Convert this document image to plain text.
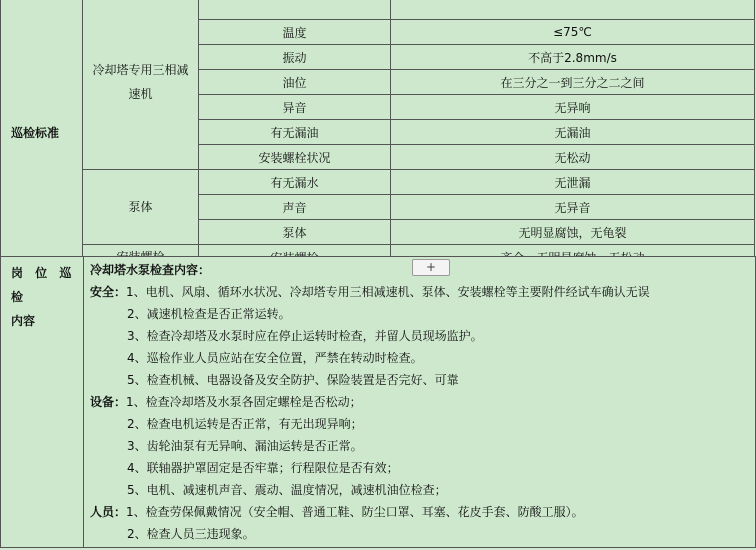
巡检标准	冷却塔专用三相减速机		
		温度	≤75℃
		振动	不高于2.8mm/s
		油位	在三分之一到三分之二之间
		异音	无异响
		有无漏油	无漏油
		安装螺栓状况	无松动
	泵体	有无漏水	无泄漏
		声音	无异音
		泵体	无明显腐蚀，无龟裂

岗 位 巡 检
内容
冷却塔水泵检查内容：	+
安全：1、电机、风扇、循环水状况、冷却塔专用三相减速机、泵体、安装螺栓等主要附件经试车确认无误
2、减速机检查是否正常运转。
3、检查冷却塔及水泵时应在停止运转时检查，并留人员现场监护。
4、巡检作业人员应站在安全位置，严禁在转动时检查。
5、检查机械、电器设备及安全防护、保险装置是否完好、可靠
设备：1、检查冷却塔及水泵各固定螺栓是否松动；
2、检查电机运转是否正常，有无出现异响；
3、齿轮油泵有无异响、漏油运转是否正常。
4、联轴器护罩固定是否牢靠；行程限位是否有效；
5、电机、减速机声音、震动、温度情况，减速机油位检查；
人员：1、检查劳保佩戴情况（安全帽、普通工鞋、防尘口罩、耳塞、花皮手套、防酸工服）。
2、检查人员三违现象。
